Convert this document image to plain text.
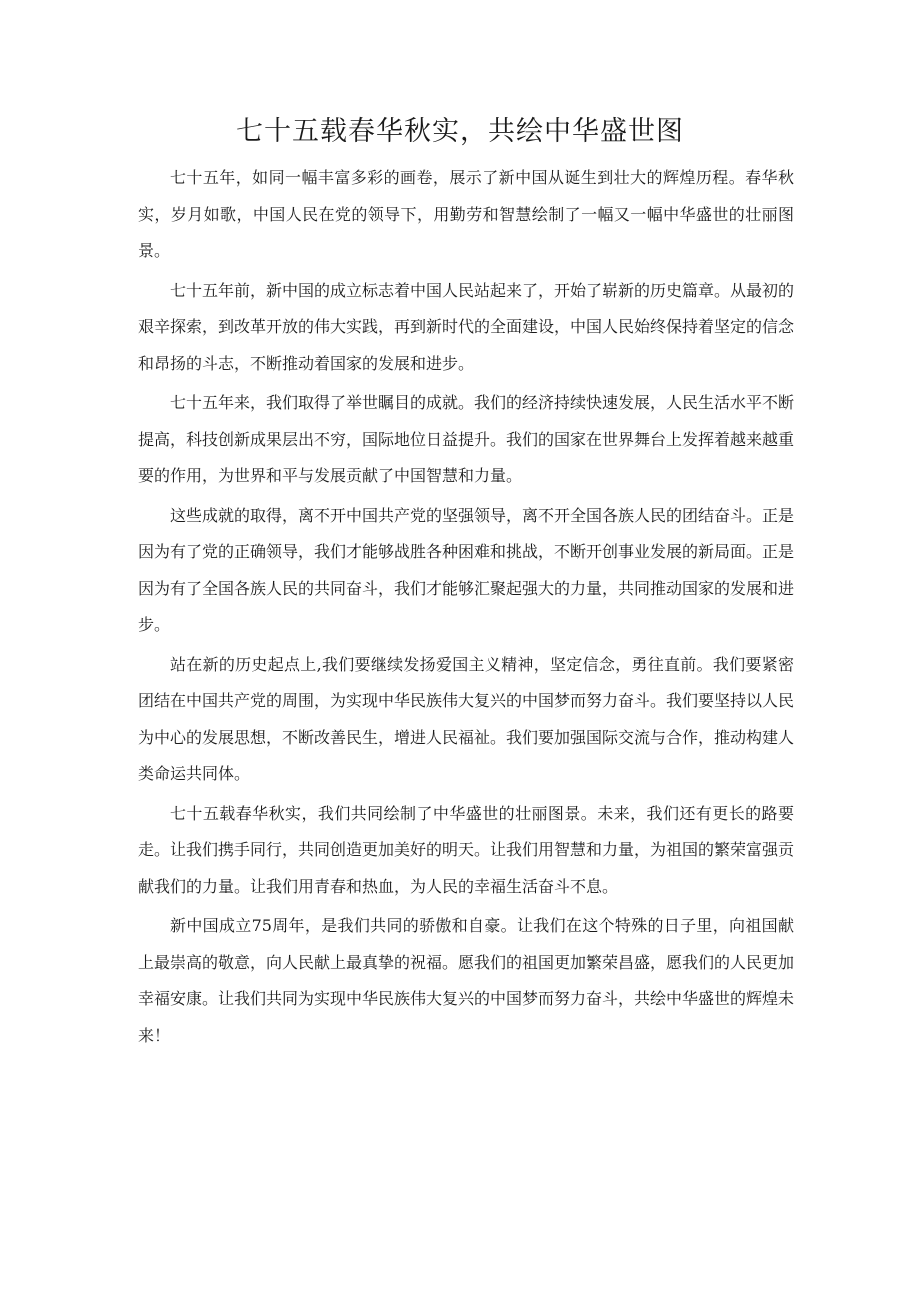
七十五载春华秋实，共绘中华盛世图

七十五年，如同一幅丰富多彩的画卷，展示了新中国从诞生到壮大的辉煌历程。春华秋实，岁月如歌，中国人民在党的领导下，用勤劳和智慧绘制了一幅又一幅中华盛世的壮丽图景。

七十五年前，新中国的成立标志着中国人民站起来了，开始了崭新的历史篇章。从最初的艰辛探索，到改革开放的伟大实践，再到新时代的全面建设，中国人民始终保持着坚定的信念和昂扬的斗志，不断推动着国家的发展和进步。

七十五年来，我们取得了举世瞩目的成就。我们的经济持续快速发展，人民生活水平不断提高，科技创新成果层出不穷，国际地位日益提升。我们的国家在世界舞台上发挥着越来越重要的作用，为世界和平与发展贡献了中国智慧和力量。

这些成就的取得，离不开中国共产党的坚强领导，离不开全国各族人民的团结奋斗。正是因为有了党的正确领导，我们才能够战胜各种困难和挑战，不断开创事业发展的新局面。正是因为有了全国各族人民的共同奋斗，我们才能够汇聚起强大的力量，共同推动国家的发展和进步。

站在新的历史起点上,我们要继续发扬爱国主义精神，坚定信念，勇往直前。我们要紧密团结在中国共产党的周围，为实现中华民族伟大复兴的中国梦而努力奋斗。我们要坚持以人民为中心的发展思想，不断改善民生，增进人民福祉。我们要加强国际交流与合作，推动构建人类命运共同体。

七十五载春华秋实，我们共同绘制了中华盛世的壮丽图景。未来，我们还有更长的路要走。让我们携手同行，共同创造更加美好的明天。让我们用智慧和力量，为祖国的繁荣富强贡献我们的力量。让我们用青春和热血，为人民的幸福生活奋斗不息。

新中国成立75周年，是我们共同的骄傲和自豪。让我们在这个特殊的日子里，向祖国献上最崇高的敬意，向人民献上最真挚的祝福。愿我们的祖国更加繁荣昌盛，愿我们的人民更加幸福安康。让我们共同为实现中华民族伟大复兴的中国梦而努力奋斗，共绘中华盛世的辉煌未来！
